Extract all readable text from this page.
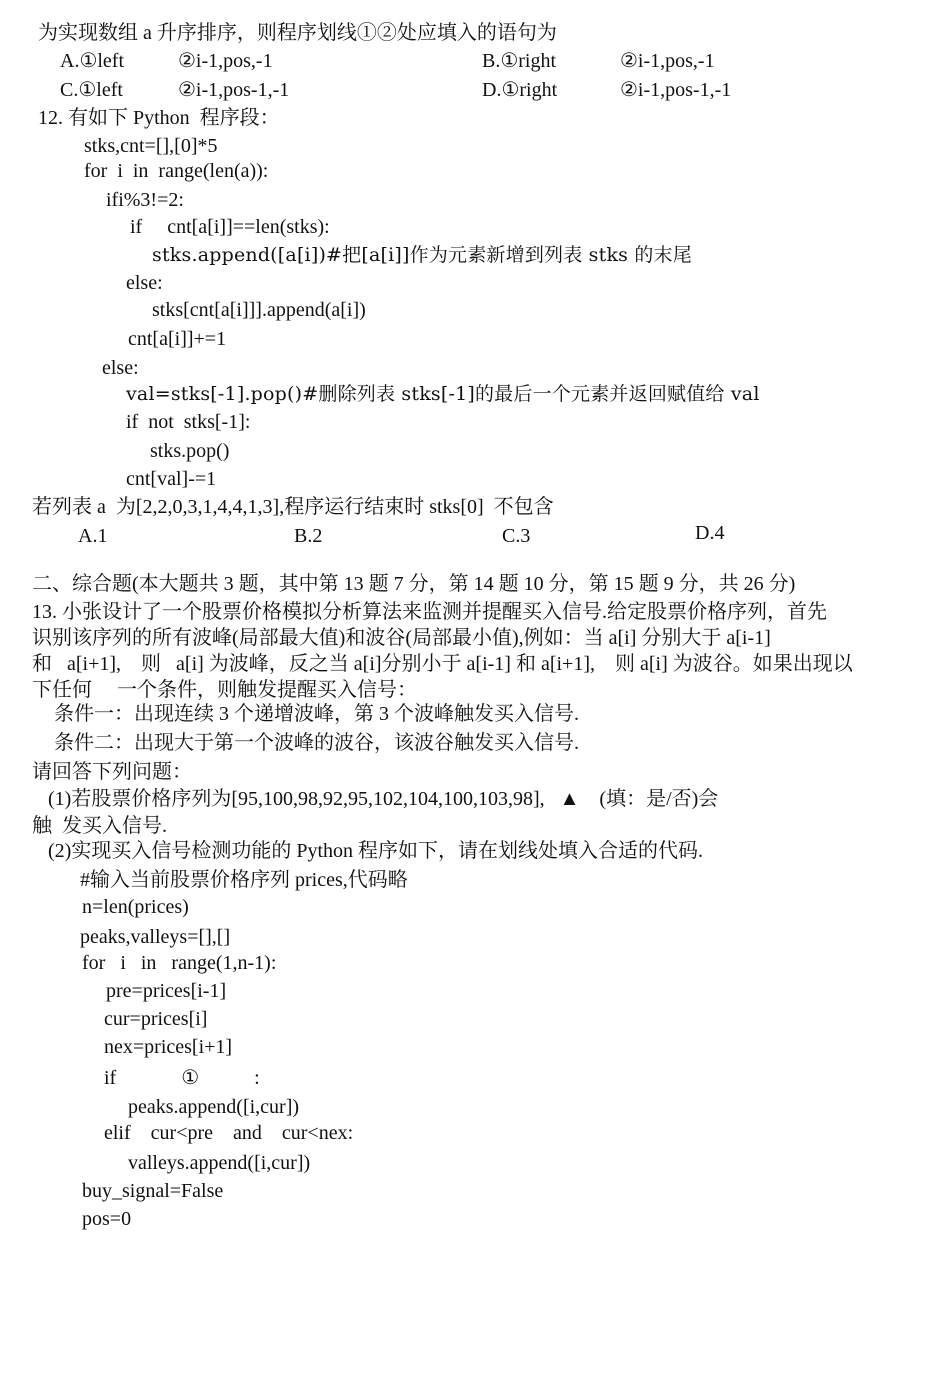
为实现数组 a 升序排序，则程序划线①②处应填入的语句为
A.①left	②i-1,pos,-1	B.①right	②i-1,pos,-1
C.①left	②i-1,pos-1,-1	D.①right	②i-1,pos-1,-1
12. 有如下 Python  程序段：
stks,cnt=[],[0]*5
for  i  in  range(len(a)):
ifi%3!=2:
if     cnt[a[i]]==len(stks):
stks.append([a[i])#把[a[i]]作为元素新增到列表 stks 的末尾
else:
stks[cnt[a[i]]].append(a[i])
cnt[a[i]]+=1
else:
val=stks[-1].pop()#删除列表 stks[-1]的最后一个元素并返回赋值给 val
if  not  stks[-1]:
stks.pop()
cnt[val]-=1
若列表 a  为[2,2,0,3,1,4,4,1,3],程序运行结束时 stks[0]  不包含
A.1	B.2	C.3	D.4
二、综合题(本大题共 3 题，其中第 13 题 7 分，第 14 题 10 分，第 15 题 9 分，共 26 分)
13. 小张设计了一个股票价格模拟分析算法来监测并提醒买入信号.给定股票价格序列，首先
识别该序列的所有波峰(局部最大值)和波谷(局部最小值),例如：当 a[i] 分别大于 a[i-1]
和   a[i+1],    则   a[i] 为波峰，反之当 a[i]分别小于 a[i-1] 和 a[i+1],    则 a[i] 为波谷。如果出现以
下任何     一个条件，则触发提醒买入信号：
条件一：出现连续 3 个递增波峰，第 3 个波峰触发买入信号.
条件二：出现大于第一个波峰的波谷，该波谷触发买入信号.
请回答下列问题：
(1)若股票价格序列为[95,100,98,92,95,102,104,100,103,98],   ▲    (填：是/否)会
触  发买入信号.
(2)实现买入信号检测功能的 Python 程序如下，请在划线处填入合适的代码.
#输入当前股票价格序列 prices,代码略
n=len(prices)
peaks,valleys=[],[]
for   i   in   range(1,n-1):
pre=prices[i-1]
cur=prices[i]
nex=prices[i+1]
if             ①           :
peaks.append([i,cur])
elif    cur<pre    and    cur<nex:
valleys.append([i,cur])
buy_signal=False
pos=0
